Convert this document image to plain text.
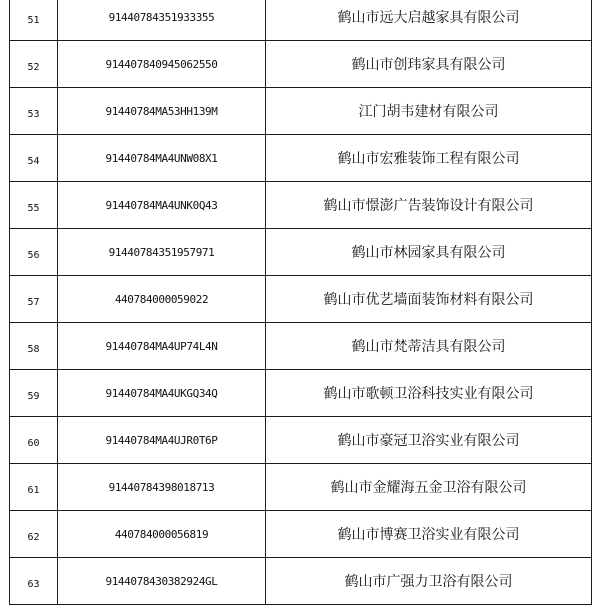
51	91440784351933355	鹤山市远大启越家具有限公司
52	914407840945062550	鹤山市创玮家具有限公司
53	91440784MA53HH139M	江门胡韦建材有限公司
54	91440784MA4UNW08X1	鹤山市宏雅装饰工程有限公司
55	91440784MA4UNK0Q43	鹤山市憬澎广告装饰设计有限公司
56	91440784351957971	鹤山市林园家具有限公司
57	440784000059022	鹤山市优艺墙面装饰材料有限公司
58	91440784MA4UP74L4N	鹤山市梵蒂洁具有限公司
59	91440784MA4UKGQ34Q	鹤山市歌顿卫浴科技实业有限公司
60	91440784MA4UJR0T6P	鹤山市豪冠卫浴实业有限公司
61	91440784398018713	鹤山市金耀海五金卫浴有限公司
62	440784000056819	鹤山市博赛卫浴实业有限公司
63	9144078430382924GL	鹤山市广强力卫浴有限公司
